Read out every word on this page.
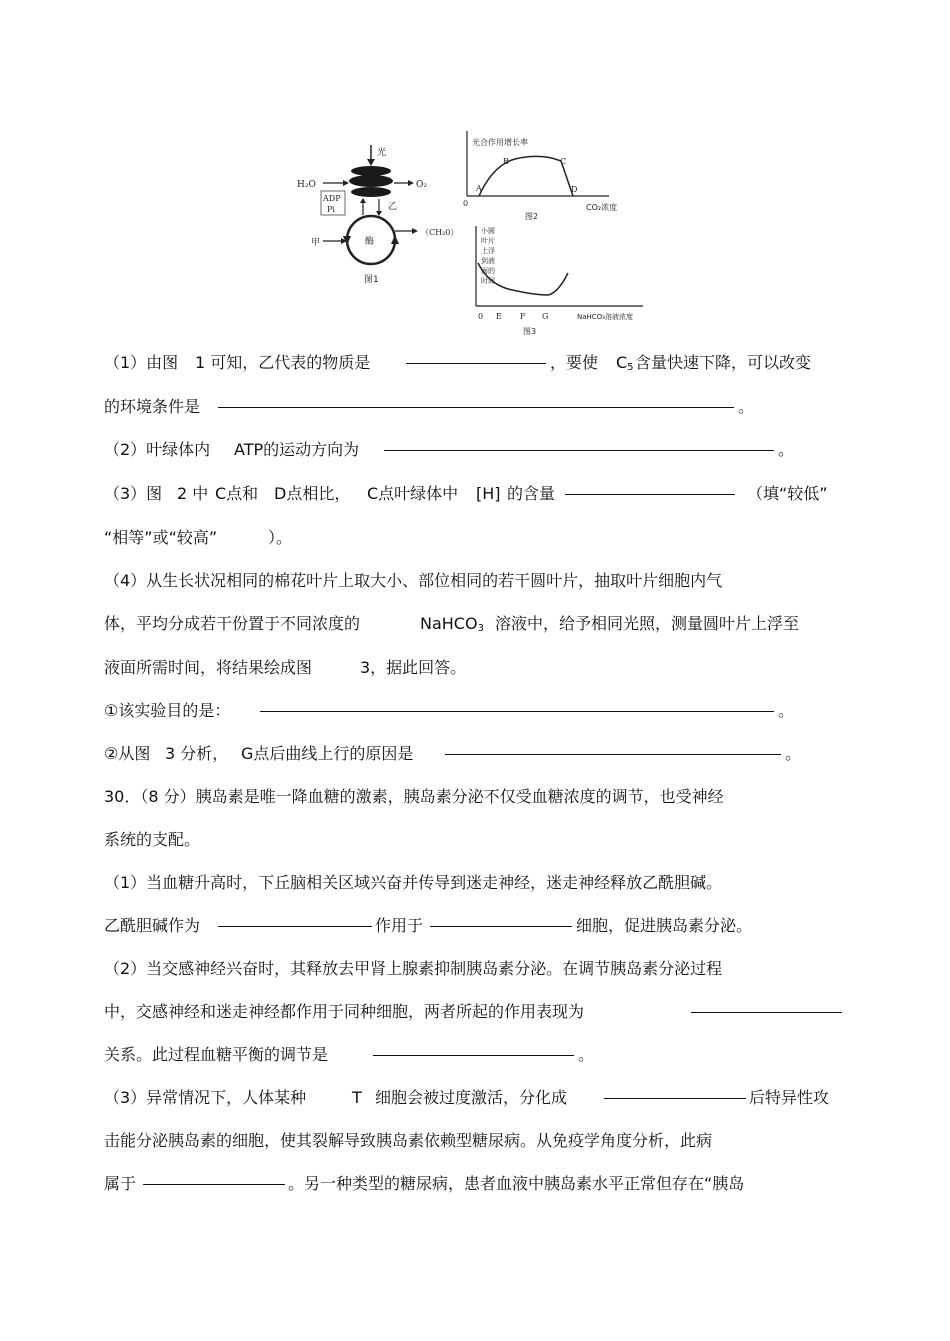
光
H₂O	O₂
ADP
Pi	乙
酶
甲
（CH₂0）
图1
光合作用增长率
0
A
B	C
D
图2
CO₂浓度
小圆
叶片
上浮
到液
面的
时间
0 E F G	NaHCO₃溶液浓度
图3
（1）由图 1 可知，乙代表的物质是	，要使 $C_5$ 含量快速下降，可以改变
的环境条件是	。
（2）叶绿体内 ATP的运动方向为	。
（3）图 2 中 C点和 D点相比， C点叶绿体中 [H] 的含量	（填“较低”
“相等”或“较高”	）。
（4）从生长状况相同的棉花叶片上取大小、部位相同的若干圆叶片，抽取叶片细胞内气
体，平均分成若干份置于不同浓度的	NaHCO$_3$ 溶液中，给予相同光照，测量圆叶片上浮至
液面所需时间，将结果绘成图	3，据此回答。
①该实验目的是：	。
②从图 3 分析， G点后曲线上行的原因是	。
30．（8 分）胰岛素是唯一降血糖的激素，胰岛素分泌不仅受血糖浓度的调节，也受神经
系统的支配。
（1）当血糖升高时，下丘脑相关区域兴奋并传导到迷走神经，迷走神经释放乙酰胆碱。
乙酰胆碱作为	作用于	细胞，促进胰岛素分泌。
（2）当交感神经兴奋时，其释放去甲肾上腺素抑制胰岛素分泌。在调节胰岛素分泌过程
中，交感神经和迷走神经都作用于同种细胞，两者所起的作用表现为
关系。此过程血糖平衡的调节是	。
（3）异常情况下，人体某种	T 细胞会被过度激活，分化成	后特异性攻
击能分泌胰岛素的细胞，使其裂解导致胰岛素依赖型糖尿病。从免疫学角度分析，此病
属于	。另一种类型的糖尿病，患者血液中胰岛素水平正常但存在“胰岛
